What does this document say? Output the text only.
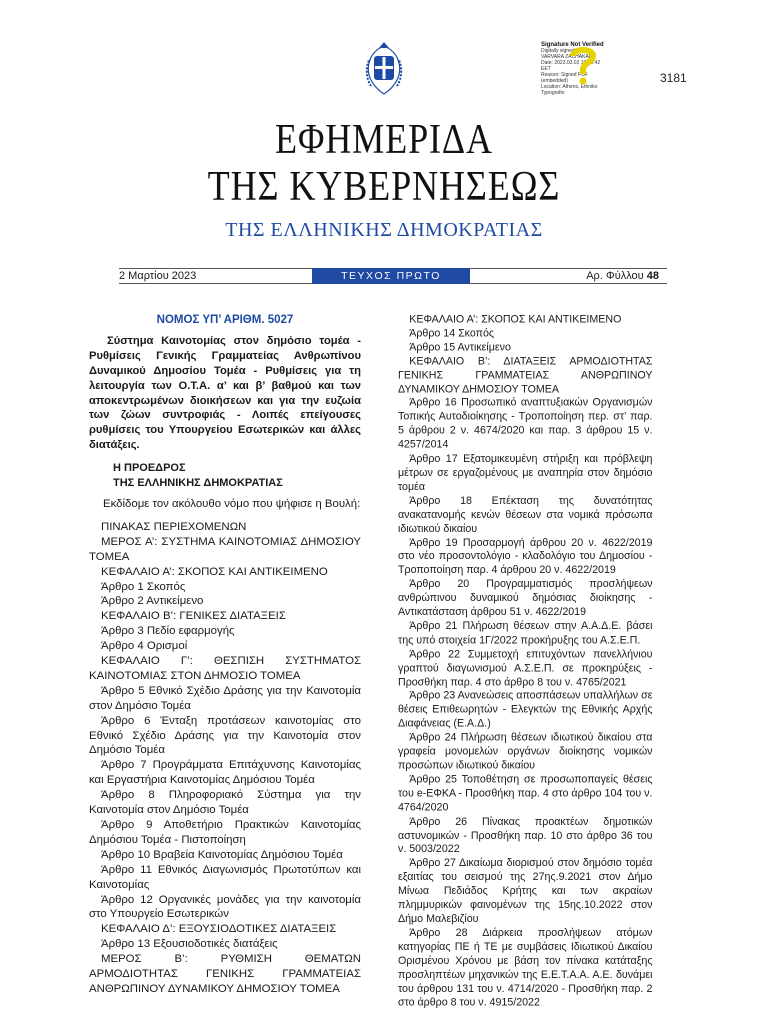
Signature Not Verified
Digitally signed by
VARVARA ZACHAKAKI
Date: 2023.03.02 19:40:42
EET
Reason: Signed PDF
(embedded)
Location: Athens, Ethniko
Typografio
3181
ΕΦΗΜΕΡΙΔΑ
ΤΗΣ ΚΥΒΕΡΝΗΣΕΩΣ
ΤΗΣ ΕΛΛΗΝΙΚΗΣ ΔΗΜΟΚΡΑΤΙΑΣ
2 Μαρτίου 2023	ΤΕΥΧΟΣ ΠΡΩΤΟ	Αρ. Φύλλου 48
ΝΟΜΟΣ ΥΠ’ ΑΡΙΘΜ. 5027
Σύστημα Καινοτομίας στον δημόσιο τομέα - Ρυθμίσεις Γενικής Γραμματείας Ανθρωπίνου Δυναμικού Δημοσίου Τομέα - Ρυθμίσεις για τη λειτουργία των Ο.Τ.Α. α’ και β’ βαθμού και των αποκεντρωμένων διοικήσεων και για την ευζωία των ζώων συντροφιάς - Λοιπές επείγουσες ρυθμίσεις του Υπουργείου Εσωτερικών και άλλες διατάξεις.
Η ΠΡΟΕΔΡΟΣ
ΤΗΣ ΕΛΛΗΝΙΚΗΣ ΔΗΜΟΚΡΑΤΙΑΣ
Εκδίδομε τον ακόλουθο νόμο που ψήφισε η Βουλή:
ΠΙΝΑΚΑΣ ΠΕΡΙΕΧΟΜΕΝΩΝ
ΜΕΡΟΣ Α’: ΣΥΣΤΗΜΑ ΚΑΙΝΟΤΟΜΙΑΣ ΔΗΜΟΣΙΟΥ ΤΟΜΕΑ
ΚΕΦΑΛΑΙΟ Α’: ΣΚΟΠΟΣ ΚΑΙ ΑΝΤΙΚΕΙΜΕΝΟ
Άρθρο 1 Σκοπός
Άρθρο 2 Αντικείμενο
ΚΕΦΑΛΑΙΟ Β’: ΓΕΝΙΚΕΣ ΔΙΑΤΑΞΕΙΣ
Άρθρο 3 Πεδίο εφαρμογής
Άρθρο 4 Ορισμοί
ΚΕΦΑΛΑΙΟ Γ’: ΘΕΣΠΙΣΗ ΣΥΣΤΗΜΑΤΟΣ ΚΑΙΝΟΤΟΜΙΑΣ ΣΤΟΝ ΔΗΜΟΣΙΟ ΤΟΜΕΑ
Άρθρο 5 Εθνικό Σχέδιο Δράσης για την Καινοτομία στον Δημόσιο Τομέα
Άρθρο 6 Ένταξη προτάσεων καινοτομίας στο Εθνικό Σχέδιο Δράσης για την Καινοτομία στον Δημόσιο Τομέα
Άρθρο 7 Προγράμματα Επιτάχυνσης Καινοτομίας και Εργαστήρια Καινοτομίας Δημόσιου Τομέα
Άρθρο 8 Πληροφοριακό Σύστημα για την Καινοτομία στον Δημόσιο Τομέα
Άρθρο 9 Αποθετήριο Πρακτικών Καινοτομίας Δημόσιου Τομέα - Πιστοποίηση
Άρθρο 10 Βραβεία Καινοτομίας Δημόσιου Τομέα
Άρθρο 11 Εθνικός Διαγωνισμός Πρωτοτύπων και Καινοτομίας
Άρθρο 12 Οργανικές μονάδες για την καινοτομία στο Υπουργείο Εσωτερικών
ΚΕΦΑΛΑΙΟ Δ’: ΕΞΟΥΣΙΟΔΟΤΙΚΕΣ ΔΙΑΤΑΞΕΙΣ
Άρθρο 13 Εξουσιοδοτικές διατάξεις
ΜΕΡΟΣ Β’: ΡΥΘΜΙΣΗ ΘΕΜΑΤΩΝ ΑΡΜΟΔΙΟΤΗΤΑΣ ΓΕΝΙΚΗΣ ΓΡΑΜΜΑΤΕΙΑΣ ΑΝΘΡΩΠΙΝΟΥ ΔΥΝΑΜΙΚΟΥ ΔΗΜΟΣΙΟΥ ΤΟΜΕΑ
ΚΕΦΑΛΑΙΟ Α’: ΣΚΟΠΟΣ ΚΑΙ ΑΝΤΙΚΕΙΜΕΝΟ
Άρθρο 14 Σκοπός
Άρθρο 15 Αντικείμενο
ΚΕΦΑΛΑΙΟ Β’: ΔΙΑΤΑΞΕΙΣ ΑΡΜΟΔΙΟΤΗΤΑΣ ΓΕΝΙΚΗΣ ΓΡΑΜΜΑΤΕΙΑΣ ΑΝΘΡΩΠΙΝΟΥ ΔΥΝΑΜΙΚΟΥ ΔΗΜΟΣΙΟΥ ΤΟΜΕΑ
Άρθρο 16 Προσωπικό αναπτυξιακών Οργανισμών Τοπικής Αυτοδιοίκησης - Τροποποίηση περ. στ’ παρ. 5 άρθρου 2 ν. 4674/2020 και παρ. 3 άρθρου 15 ν. 4257/2014
Άρθρο 17 Εξατομικευμένη στήριξη και πρόβλεψη μέτρων σε εργαζομένους με αναπηρία στον δημόσιο τομέα
Άρθρο 18 Επέκταση της δυνατότητας ανακατανομής κενών θέσεων στα νομικά πρόσωπα ιδιωτικού δικαίου
Άρθρο 19 Προσαρμογή άρθρου 20 ν. 4622/2019 στο νέο προσοντολόγιο - κλαδολόγιο του Δημοσίου - Τροποποίηση παρ. 4 άρθρου 20 ν. 4622/2019
Άρθρο 20 Προγραμματισμός προσλήψεων ανθρώπινου δυναμικού δημόσιας διοίκησης - Αντικατάσταση άρθρου 51 ν. 4622/2019
Άρθρο 21 Πλήρωση θέσεων στην Α.Α.Δ.Ε. βάσει της υπό στοιχεία 1Γ/2022 προκήρυξης του Α.Σ.Ε.Π.
Άρθρο 22 Συμμετοχή επιτυχόντων πανελλήνιου γραπτού διαγωνισμού Α.Σ.Ε.Π. σε προκηρύξεις - Προσθήκη παρ. 4 στο άρθρο 8 του ν. 4765/2021
Άρθρο 23 Ανανεώσεις αποσπάσεων υπαλλήλων σε θέσεις Επιθεωρητών - Ελεγκτών της Εθνικής Αρχής Διαφάνειας (Ε.Α.Δ.)
Άρθρο 24 Πλήρωση θέσεων ιδιωτικού δικαίου στα γραφεία μονομελών οργάνων διοίκησης νομικών προσώπων ιδιωτικού δικαίου
Άρθρο 25 Τοποθέτηση σε προσωποπαγείς θέσεις του e-ΕΦΚΑ - Προσθήκη παρ. 4 στο άρθρο 104 του ν. 4764/2020
Άρθρο 26 Πίνακας προακτέων δημοτικών αστυνομικών - Προσθήκη παρ. 10 στο άρθρο 36 του ν. 5003/2022
Άρθρο 27 Δικαίωμα διορισμού στον δημόσιο τομέα εξαιτίας του σεισμού της 27ης.9.2021 στον Δήμο Μίνωα Πεδιάδος Κρήτης και των ακραίων πλημμυρικών φαινομένων της 15ης.10.2022 στον Δήμο Μαλεβιζίου
Άρθρο 28 Διάρκεια προσλήψεων ατόμων κατηγορίας ΠΕ ή ΤΕ με συμβάσεις Ιδιωτικού Δικαίου Ορισμένου Χρόνου με βάση τον πίνακα κατάταξης προσληπτέων μηχανικών της Ε.Ε.Τ.Α.Α. Α.Ε. δυνάμει του άρθρου 131 του ν. 4714/2020 - Προσθήκη παρ. 2 στο άρθρο 8 του ν. 4915/2022
